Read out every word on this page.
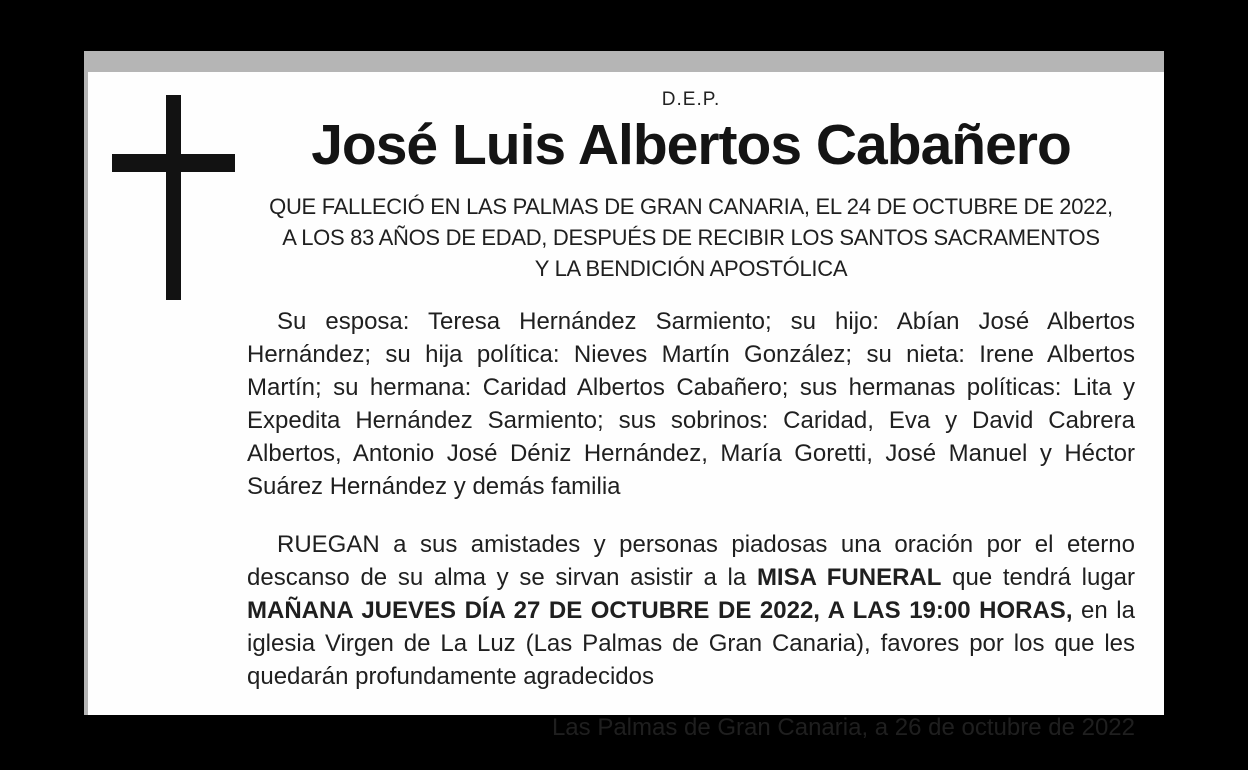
D.E.P.
José Luis Albertos Cabañero
QUE FALLECIÓ EN LAS PALMAS DE GRAN CANARIA, EL 24 DE OCTUBRE DE 2022,
A LOS 83 AÑOS DE EDAD, DESPUÉS DE RECIBIR LOS SANTOS SACRAMENTOS
Y LA BENDICIÓN APOSTÓLICA
Su esposa: Teresa Hernández Sarmiento; su hijo: Abían José Albertos Hernández; su hija política: Nieves Martín González; su nieta: Irene Albertos Martín; su hermana: Caridad Albertos Cabañero; sus hermanas políticas: Lita y Expedita Hernández Sarmiento; sus sobrinos: Caridad, Eva y David Cabrera Albertos, Antonio José Déniz Hernández, María Goretti, José Manuel y Héctor Suárez Hernández y demás familia
RUEGAN a sus amistades y personas piadosas una oración por el eterno descanso de su alma y se sirvan asistir a la MISA FUNERAL que tendrá lugar MAÑANA JUEVES DÍA 27 DE OCTUBRE DE 2022, A LAS 19:00 HORAS, en la iglesia Virgen de La Luz (Las Palmas de Gran Canaria), favores por los que les quedarán profundamente agradecidos
Las Palmas de Gran Canaria, a 26 de octubre de 2022
